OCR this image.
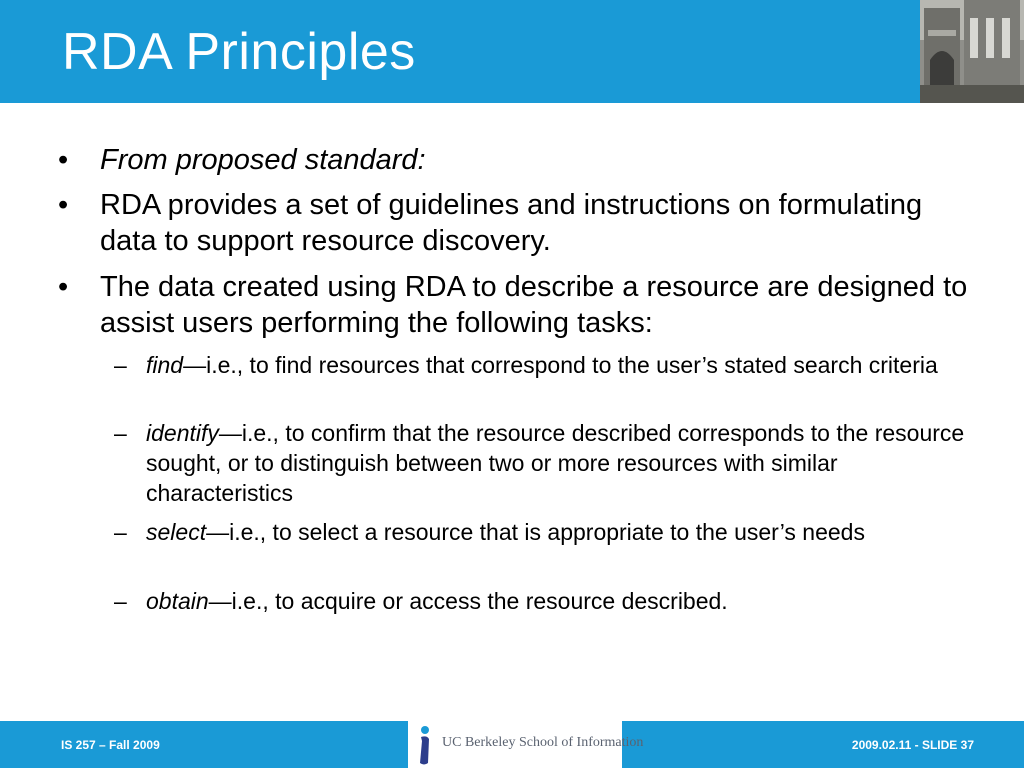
RDA Principles
• From proposed standard:
• RDA provides a set of guidelines and instructions on formulating data to support resource discovery.
• The data created using RDA to describe a resource are designed to assist users performing the following tasks:
– find—i.e., to find resources that correspond to the user’s stated search criteria
– identify—i.e., to confirm that the resource described corresponds to the resource sought, or to distinguish between two or more resources with similar characteristics
– select—i.e., to select a resource that is appropriate to the user’s needs
– obtain—i.e., to acquire or access the resource described.
IS 257 – Fall 2009	UC Berkeley School of Information	2009.02.11 - SLIDE 37
